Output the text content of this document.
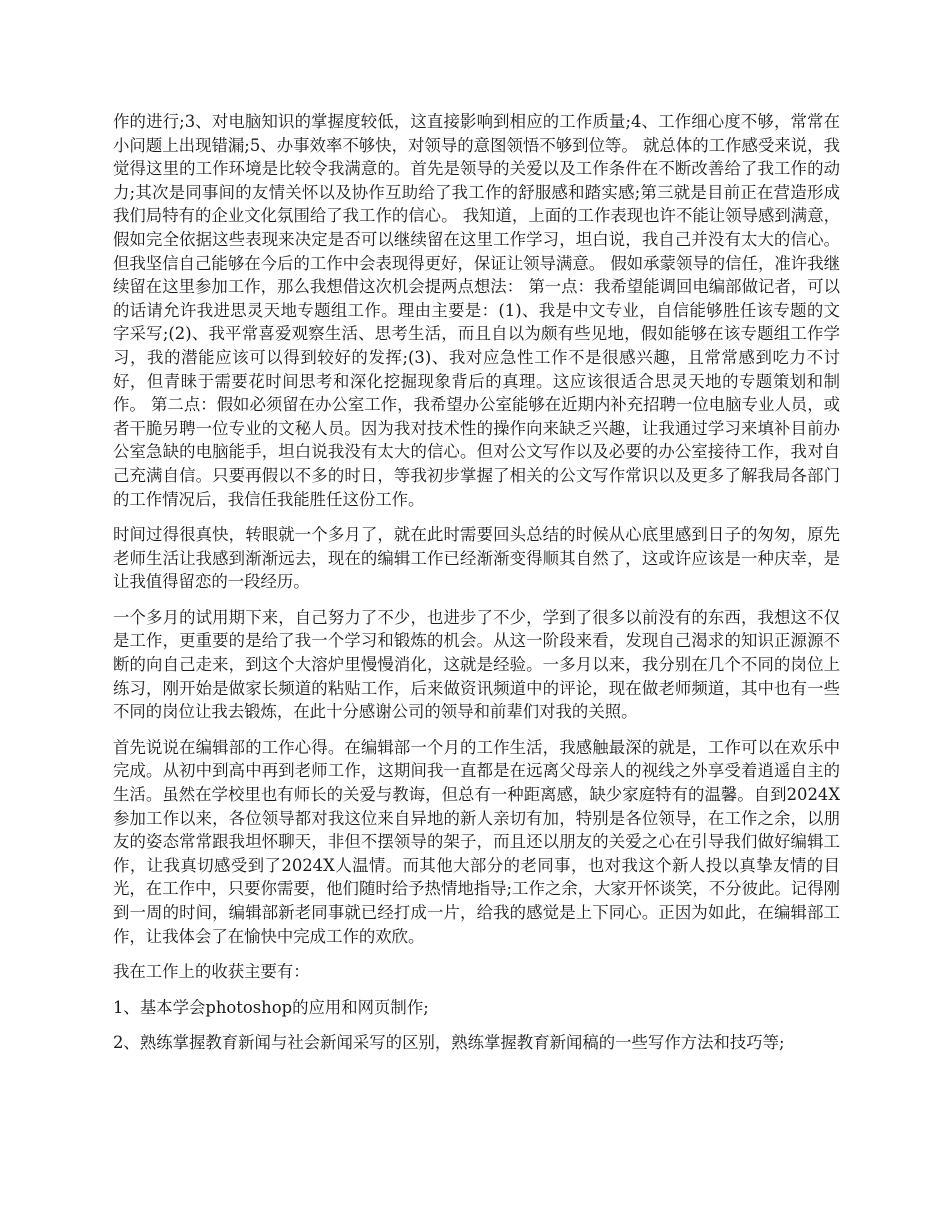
作的进行;3、对电脑知识的掌握度较低，这直接影响到相应的工作质量;4、工作细心度不够，常常在小问题上出现错漏;5、办事效率不够快，对领导的意图领悟不够到位等。 就总体的工作感受来说，我觉得这里的工作环境是比较令我满意的。首先是领导的关爱以及工作条件在不断改善给了我工作的动力;其次是同事间的友情关怀以及协作互助给了我工作的舒服感和踏实感;第三就是目前正在营造形成我们局特有的企业文化氛围给了我工作的信心。 我知道，上面的工作表现也许不能让领导感到满意，假如完全依据这些表现来决定是否可以继续留在这里工作学习，坦白说，我自己并没有太大的信心。但我坚信自己能够在今后的工作中会表现得更好，保证让领导满意。 假如承蒙领导的信任，准许我继续留在这里参加工作，那么我想借这次机会提两点想法： 第一点：我希望能调回电编部做记者，可以的话请允许我进思灵天地专题组工作。理由主要是：(1)、我是中文专业，自信能够胜任该专题的文字采写;(2)、我平常喜爱观察生活、思考生活，而且自以为颇有些见地，假如能够在该专题组工作学习，我的潜能应该可以得到较好的发挥;(3)、我对应急性工作不是很感兴趣，且常常感到吃力不讨好，但青睐于需要花时间思考和深化挖掘现象背后的真理。这应该很适合思灵天地的专题策划和制作。 第二点：假如必须留在办公室工作，我希望办公室能够在近期内补充招聘一位电脑专业人员，或者干脆另聘一位专业的文秘人员。因为我对技术性的操作向来缺乏兴趣，让我通过学习来填补目前办公室急缺的电脑能手，坦白说我没有太大的信心。但对公文写作以及必要的办公室接待工作，我对自己充满自信。只要再假以不多的时日，等我初步掌握了相关的公文写作常识以及更多了解我局各部门的工作情况后，我信任我能胜任这份工作。

时间过得很真快，转眼就一个多月了，就在此时需要回头总结的时候从心底里感到日子的匆匆，原先老师生活让我感到渐渐远去，现在的编辑工作已经渐渐变得顺其自然了，这或许应该是一种庆幸，是让我值得留恋的一段经历。

一个多月的试用期下来，自己努力了不少，也进步了不少，学到了很多以前没有的东西，我想这不仅是工作，更重要的是给了我一个学习和锻炼的机会。从这一阶段来看，发现自己渴求的知识正源源不断的向自己走来，到这个大溶炉里慢慢消化，这就是经验。一多月以来，我分别在几个不同的岗位上练习，刚开始是做家长频道的粘贴工作，后来做资讯频道中的评论，现在做老师频道，其中也有一些不同的岗位让我去锻炼，在此十分感谢公司的领导和前辈们对我的关照。

首先说说在编辑部的工作心得。在编辑部一个月的工作生活，我感触最深的就是，工作可以在欢乐中完成。从初中到高中再到老师工作，这期间我一直都是在远离父母亲人的视线之外享受着逍遥自主的生活。虽然在学校里也有师长的关爱与教诲，但总有一种距离感，缺少家庭特有的温馨。自到2024X参加工作以来，各位领导都对我这位来自异地的新人亲切有加，特别是各位领导，在工作之余，以朋友的姿态常常跟我坦怀聊天，非但不摆领导的架子，而且还以朋友的关爱之心在引导我们做好编辑工作，让我真切感受到了2024X人温情。而其他大部分的老同事，也对我这个新人投以真挚友情的目光，在工作中，只要你需要，他们随时给予热情地指导;工作之余，大家开怀谈笑，不分彼此。记得刚到一周的时间，编辑部新老同事就已经打成一片，给我的感觉是上下同心。正因为如此，在编辑部工作，让我体会了在愉快中完成工作的欢欣。

我在工作上的收获主要有：

1、基本学会photoshop的应用和网页制作;

2、熟练掌握教育新闻与社会新闻采写的区别，熟练掌握教育新闻稿的一些写作方法和技巧等;
